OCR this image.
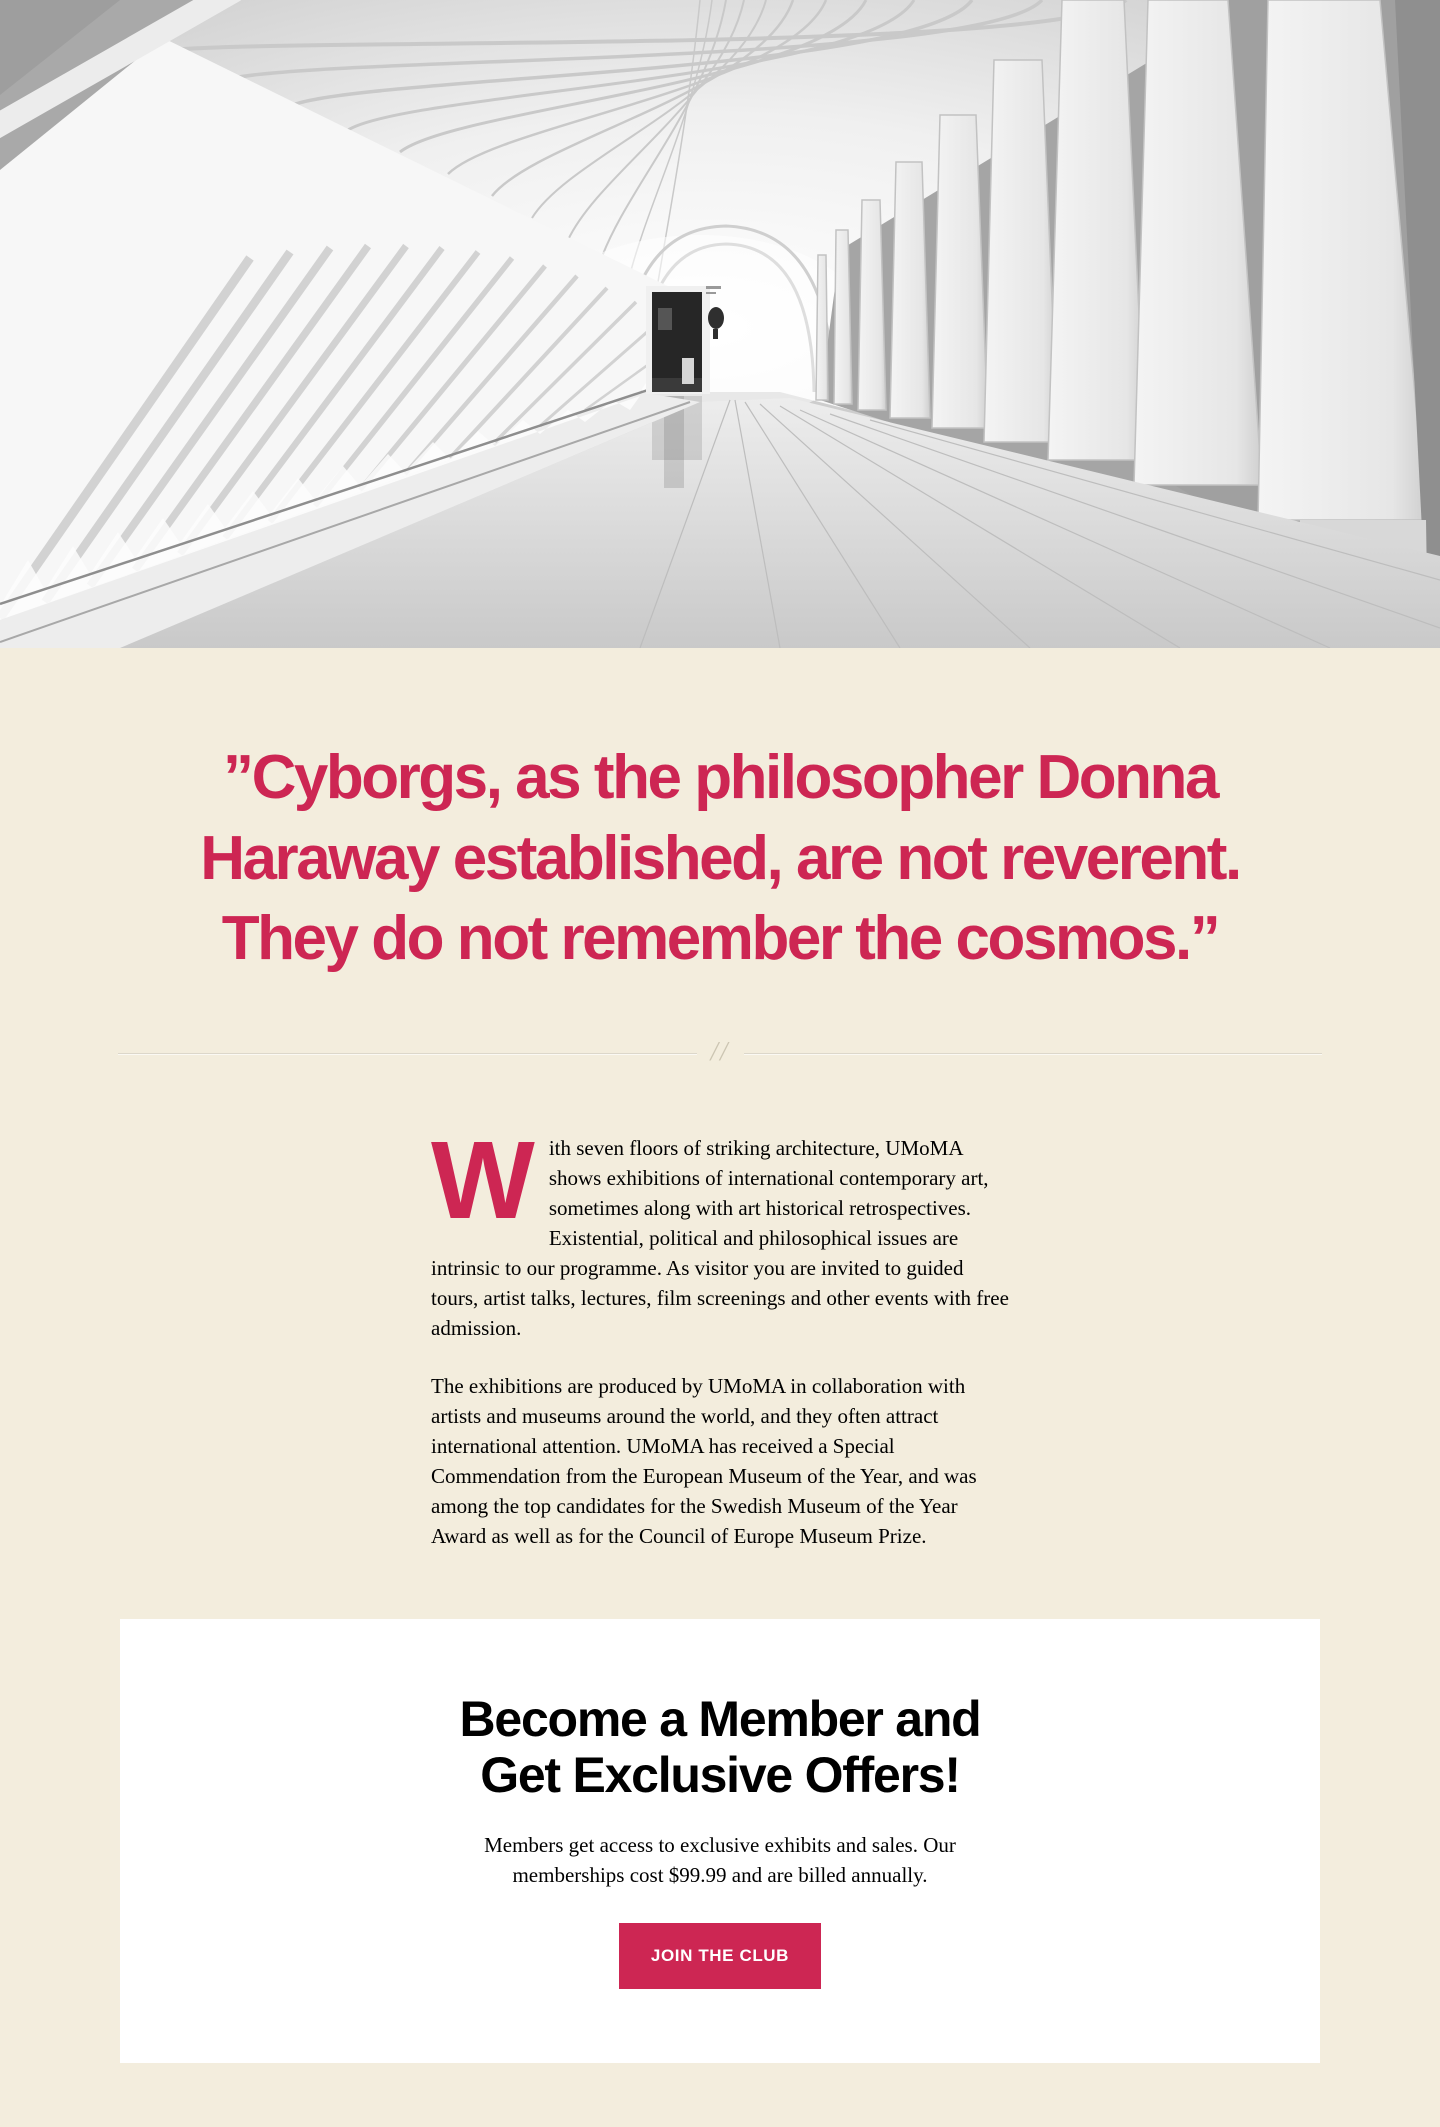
”Cyborgs, as the philosopher Donna
Haraway established, are not reverent.
They do not remember the cosmos.”
//

With seven floors of striking architecture, UMoMA shows exhibitions of international contemporary art, sometimes along with art historical retrospectives. Existential, political and philosophical issues are intrinsic to our programme. As visitor you are invited to guided tours, artist talks, lectures, film screenings and other events with free admission.

The exhibitions are produced by UMoMA in collaboration with artists and museums around the world, and they often attract international attention. UMoMA has received a Special Commendation from the European Museum of the Year, and was among the top candidates for the Swedish Museum of the Year Award as well as for the Council of Europe Museum Prize.

Become a Member and
Get Exclusive Offers!

Members get access to exclusive exhibits and sales. Our memberships cost $99.99 and are billed annually.

JOIN THE CLUB
